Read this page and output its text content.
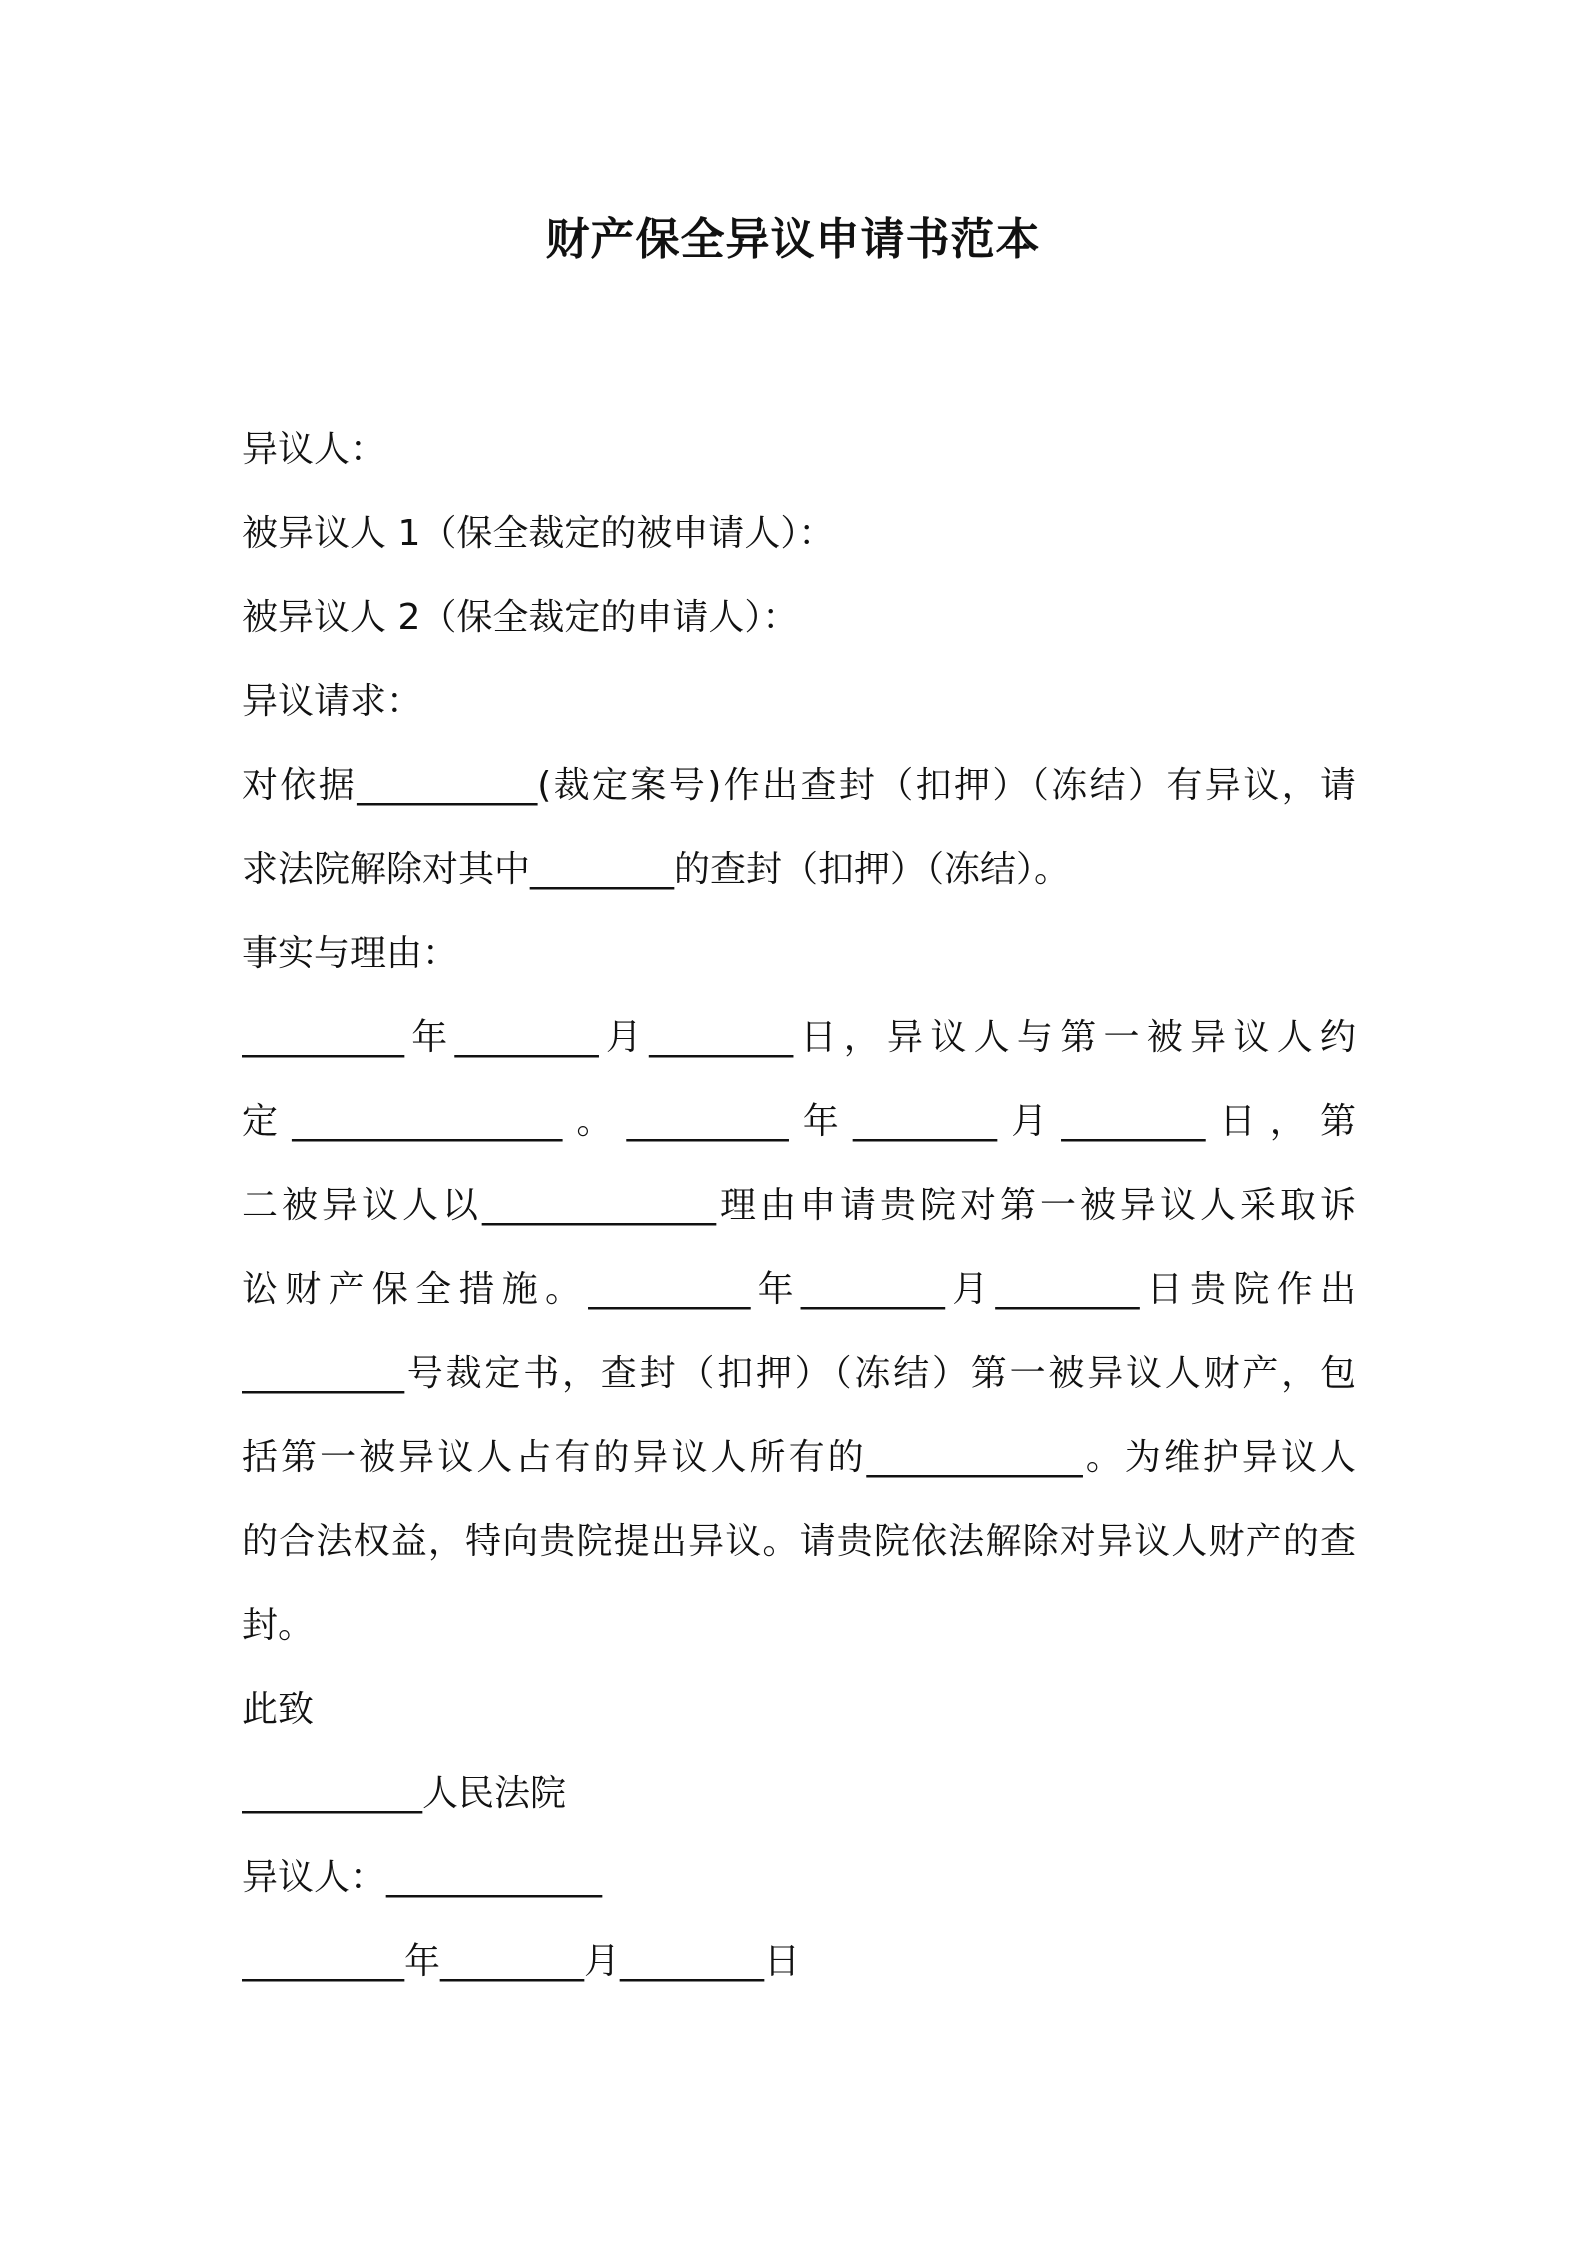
财产保全异议申请书范本
异议人：
被异议人 1（保全裁定的被申请人）：
被异议人 2（保全裁定的申请人）：
异议请求：
对依据__________(裁定案号)作出查封（扣押）（冻结）有异议，请
求法院解除对其中________的查封（扣押）（冻结）。
事实与理由：
_________年________月________日，异议人与第一被异议人约
定_______________。_________年________月________日，第
二被异议人以_____________理由申请贵院对第一被异议人采取诉
讼财产保全措施。_________年________月________日贵院作出
_________号裁定书，查封（扣押）（冻结）第一被异议人财产，包
括第一被异议人占有的异议人所有的____________。为维护异议人
的合法权益，特向贵院提出异议。请贵院依法解除对异议人财产的查
封。
此致
__________人民法院
异议人：____________
_________年________月________日
